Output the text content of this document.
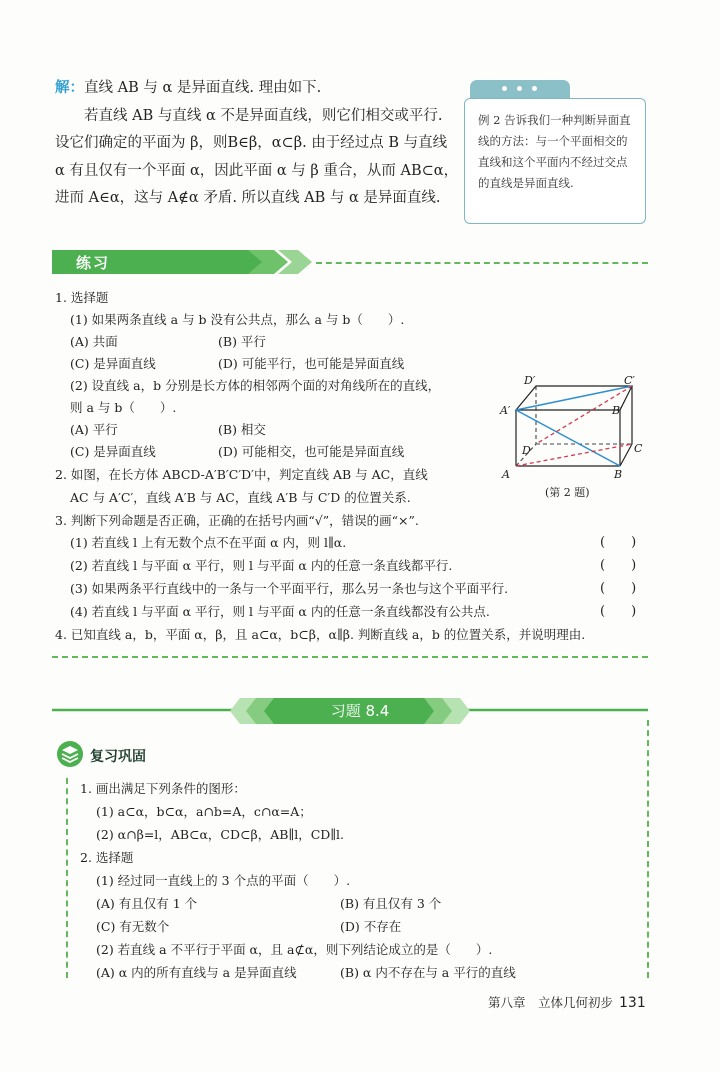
解：直线 AB 与 α 是异面直线. 理由如下.

若直线 AB 与直线 α 不是异面直线，则它们相交或平行. 设它们确定的平面为 β，则B∈β，α⊂β. 由于经过点 B 与直线 α 有且仅有一个平面 α，因此平面 α 与 β 重合，从而 AB⊂α，进而 A∈α，这与 A∉α 矛盾. 所以直线 AB 与 α 是异面直线.

例 2 告诉我们一种判断异面直线的方法：与一个平面相交的直线和这个平面内不经过交点的直线是异面直线.
练习
1. 选择题
(1) 如果两条直线 a 与 b 没有公共点，那么 a 与 b（　　）.
(A) 共面	(B) 平行
(C) 是异面直线	(D) 可能平行，也可能是异面直线
(2) 设直线 a，b 分别是长方体的相邻两个面的对角线所在的直线，
则 a 与 b（　　）.
(A) 平行	(B) 相交
(C) 是异面直线	(D) 可能相交，也可能是异面直线
2. 如图，在长方体 ABCD-A′B′C′D′中，判定直线 AB 与 AC，直线
AC 与 A′C′，直线 A′B 与 AC，直线 A′B 与 C′D 的位置关系.
3. 判断下列命题是否正确，正确的在括号内画“√”，错误的画“×”.
(1) 若直线 l 上有无数个点不在平面 α 内，则 l∥α.	(　　)
(2) 若直线 l 与平面 α 平行，则 l 与平面 α 内的任意一条直线都平行.	(　　)
(3) 如果两条平行直线中的一条与一个平面平行，那么另一条也与这个平面平行.	(　　)
(4) 若直线 l 与平面 α 平行，则 l 与平面 α 内的任意一条直线都没有公共点.	(　　)
4. 已知直线 a，b，平面 α，β，且 a⊂α，b⊂β，α∥β. 判断直线 a，b 的位置关系，并说明理由.
D′	C′
A′	B′
D	C
A	B
(第 2 题)
习题 8.4
复习巩固
1. 画出满足下列条件的图形：
(1) a⊂α，b⊂α，a∩b=A，c∩α=A；
(2) α∩β=l，AB⊂α，CD⊂β，AB∥l，CD∥l.
2. 选择题
(1) 经过同一直线上的 3 个点的平面（　　）.
(A) 有且仅有 1 个	(B) 有且仅有 3 个
(C) 有无数个	(D) 不存在
(2) 若直线 a 不平行于平面 α，且 a⊄α，则下列结论成立的是（　　）.
(A) α 内的所有直线与 a 是异面直线	(B) α 内不存在与 a 平行的直线
第八章　立体几何初步 131
